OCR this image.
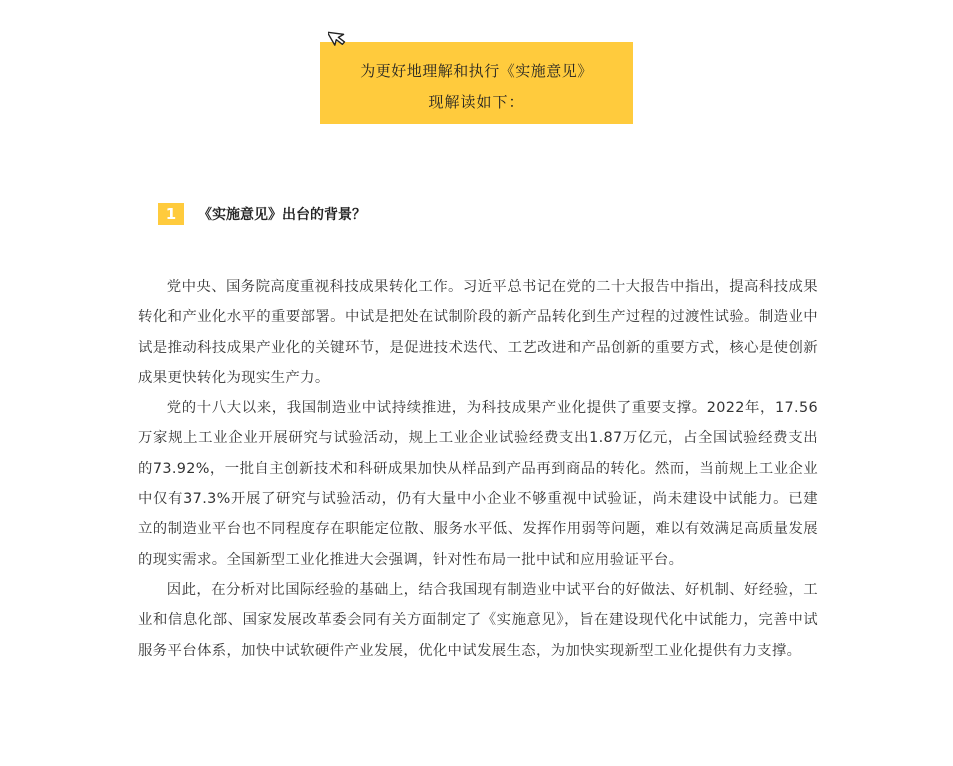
为更好地理解和执行《实施意见》
现解读如下：
1	《实施意见》出台的背景？

党中央、国务院高度重视科技成果转化工作。习近平总书记在党的二十大报告中指出，提高科技成果转化和产业化水平的重要部署。中试是把处在试制阶段的新产品转化到生产过程的过渡性试验。制造业中试是推动科技成果产业化的关键环节，是促进技术迭代、工艺改进和产品创新的重要方式，核心是使创新成果更快转化为现实生产力。

党的十八大以来，我国制造业中试持续推进，为科技成果产业化提供了重要支撑。2022年，17.56万家规上工业企业开展研究与试验活动，规上工业企业试验经费支出1.87万亿元，占全国试验经费支出的73.92%，一批自主创新技术和科研成果加快从样品到产品再到商品的转化。然而，当前规上工业企业中仅有37.3%开展了研究与试验活动，仍有大量中小企业不够重视中试验证，尚未建设中试能力。已建立的制造业平台也不同程度存在职能定位散、服务水平低、发挥作用弱等问题，难以有效满足高质量发展的现实需求。全国新型工业化推进大会强调，针对性布局一批中试和应用验证平台。

因此，在分析对比国际经验的基础上，结合我国现有制造业中试平台的好做法、好机制、好经验，工业和信息化部、国家发展改革委会同有关方面制定了《实施意见》，旨在建设现代化中试能力，完善中试服务平台体系，加快中试软硬件产业发展，优化中试发展生态，为加快实现新型工业化提供有力支撑。
